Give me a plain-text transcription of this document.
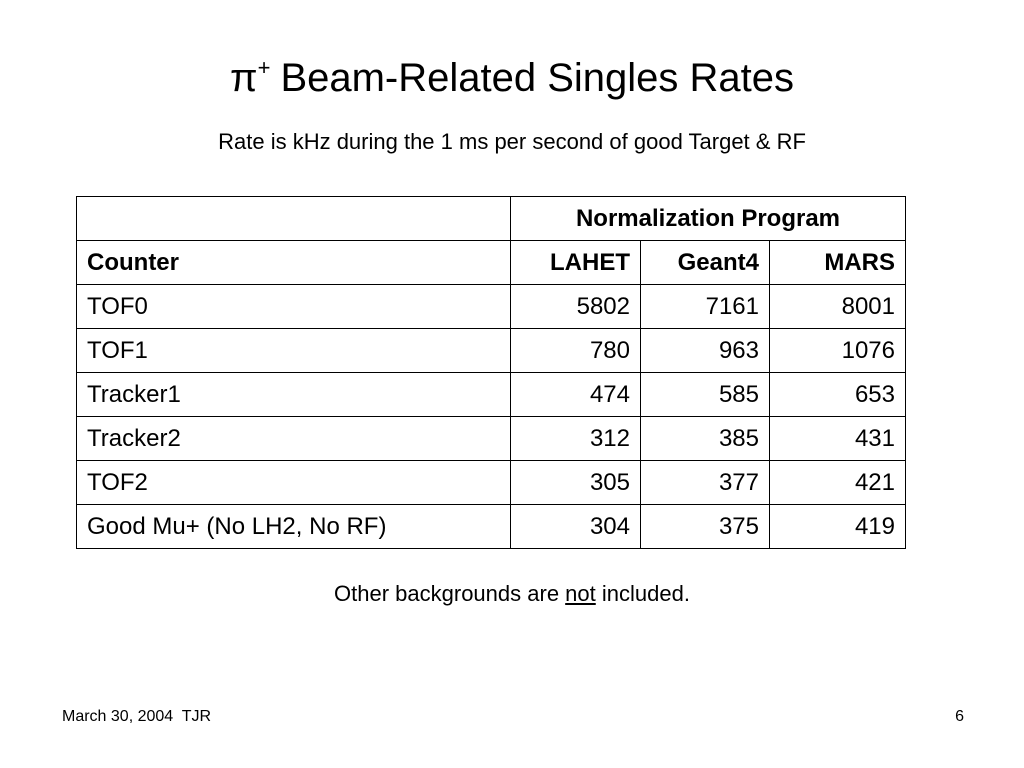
π+ Beam-Related Singles Rates
Rate is kHz during the 1 ms per second of good Target & RF
	Normalization Program		
Counter	LAHET	Geant4	MARS
TOF0	5802	7161	8001
TOF1	780	963	1076
Tracker1	474	585	653
Tracker2	312	385	431
TOF2	305	377	421
Good Mu+ (No LH2, No RF)	304	375	419
Other backgrounds are not included.
March 30, 2004  TJR	6
